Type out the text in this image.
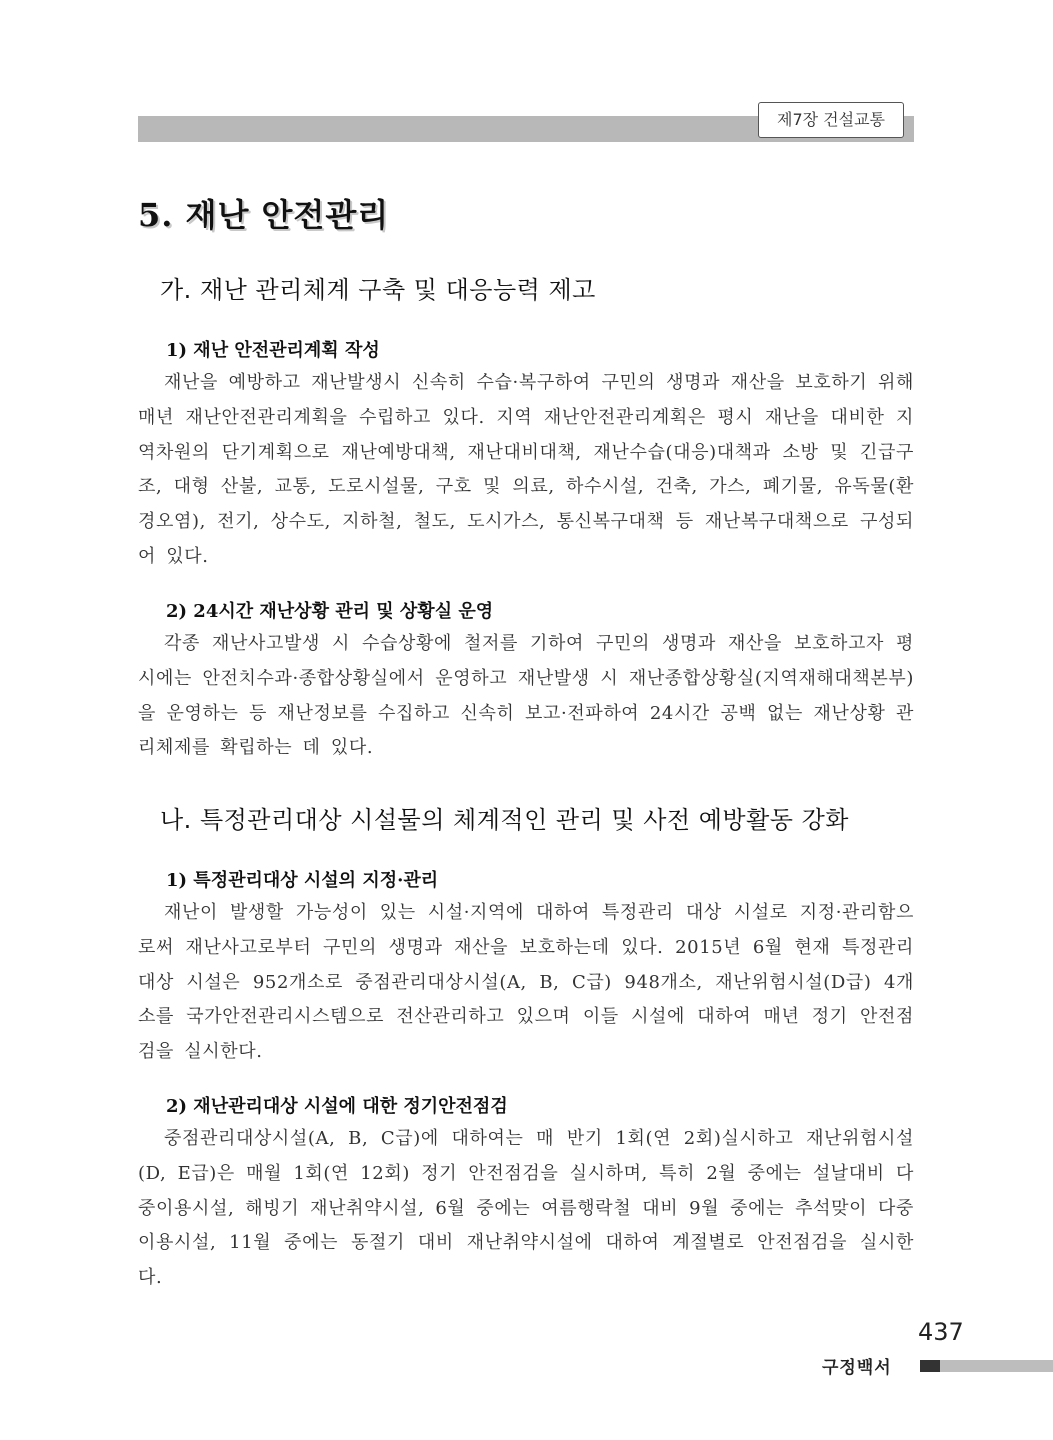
제7장 건설교통
5. 재난 안전관리
가. 재난 관리체계 구축 및 대응능력 제고
1) 재난 안전관리계획 작성

재난을 예방하고 재난발생시 신속히 수습·복구하여 구민의 생명과 재산을 보호하기 위해 매년 재난안전관리계획을 수립하고 있다. 지역 재난안전관리계획은 평시 재난을 대비한 지역차원의 단기계획으로 재난예방대책, 재난대비대책, 재난수습(대응)대책과 소방 및 긴급구조, 대형 산불, 교통, 도로시설물, 구호 및 의료, 하수시설, 건축, 가스, 폐기물, 유독물(환경오염), 전기, 상수도, 지하철, 철도, 도시가스, 통신복구대책 등 재난복구대책으로 구성되어 있다.

2) 24시간 재난상황 관리 및 상황실 운영

각종 재난사고발생 시 수습상황에 철저를 기하여 구민의 생명과 재산을 보호하고자 평시에는 안전치수과·종합상황실에서 운영하고 재난발생 시 재난종합상황실(지역재해대책본부)을 운영하는 등 재난정보를 수집하고 신속히 보고·전파하여 24시간 공백 없는 재난상황 관리체제를 확립하는 데 있다.

나. 특정관리대상 시설물의 체계적인 관리 및 사전 예방활동 강화
1) 특정관리대상 시설의 지정·관리

재난이 발생할 가능성이 있는 시설·지역에 대하여 특정관리 대상 시설로 지정·관리함으로써 재난사고로부터 구민의 생명과 재산을 보호하는데 있다. 2015년 6월 현재 특정관리대상 시설은 952개소로 중점관리대상시설(A, B, C급) 948개소, 재난위험시설(D급) 4개소를 국가안전관리시스템으로 전산관리하고 있으며 이들 시설에 대하여 매년 정기 안전점검을 실시한다.

2) 재난관리대상 시설에 대한 정기안전점검

중점관리대상시설(A, B, C급)에 대하여는 매 반기 1회(연 2회)실시하고 재난위험시설(D, E급)은 매월 1회(연 12회) 정기 안전점검을 실시하며, 특히 2월 중에는 설날대비 다중이용시설, 해빙기 재난취약시설, 6월 중에는 여름행락철 대비 9월 중에는 추석맞이 다중이용시설, 11월 중에는 동절기 대비 재난취약시설에 대하여 계절별로 안전점검을 실시한다.

437
구정백서
